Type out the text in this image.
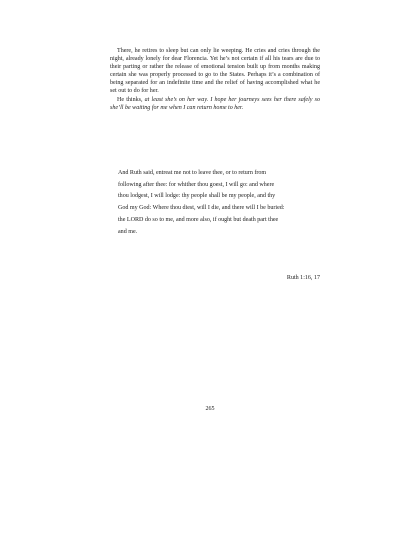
There, he retires to sleep but can only lie weeping. He cries and cries through the night, already lonely for dear Florencia. Yet he’s not certain if all his tears are due to their parting or rather the release of emotional tension built up from months making certain she was properly processed to go to the States. Perhaps it’s a combination of being separated for an indefinite time and the relief of having accomplished what he set out to do for her.

He thinks, at least she’s on her way. I hope her journeys sees her there safely so she’ll be waiting for me when I can return home to her.

And Ruth said, entreat me not to leave thee, or to return from
following after thee: for whither thou goest, I will go: and where
thou lodgest, I will lodge: thy people shall be my people, and thy
God my God: Where thou diest, will I die, and there will I be buried:
the LORD do so to me, and more also, if ought but death part thee
and me.
Ruth 1:16, 17
265
